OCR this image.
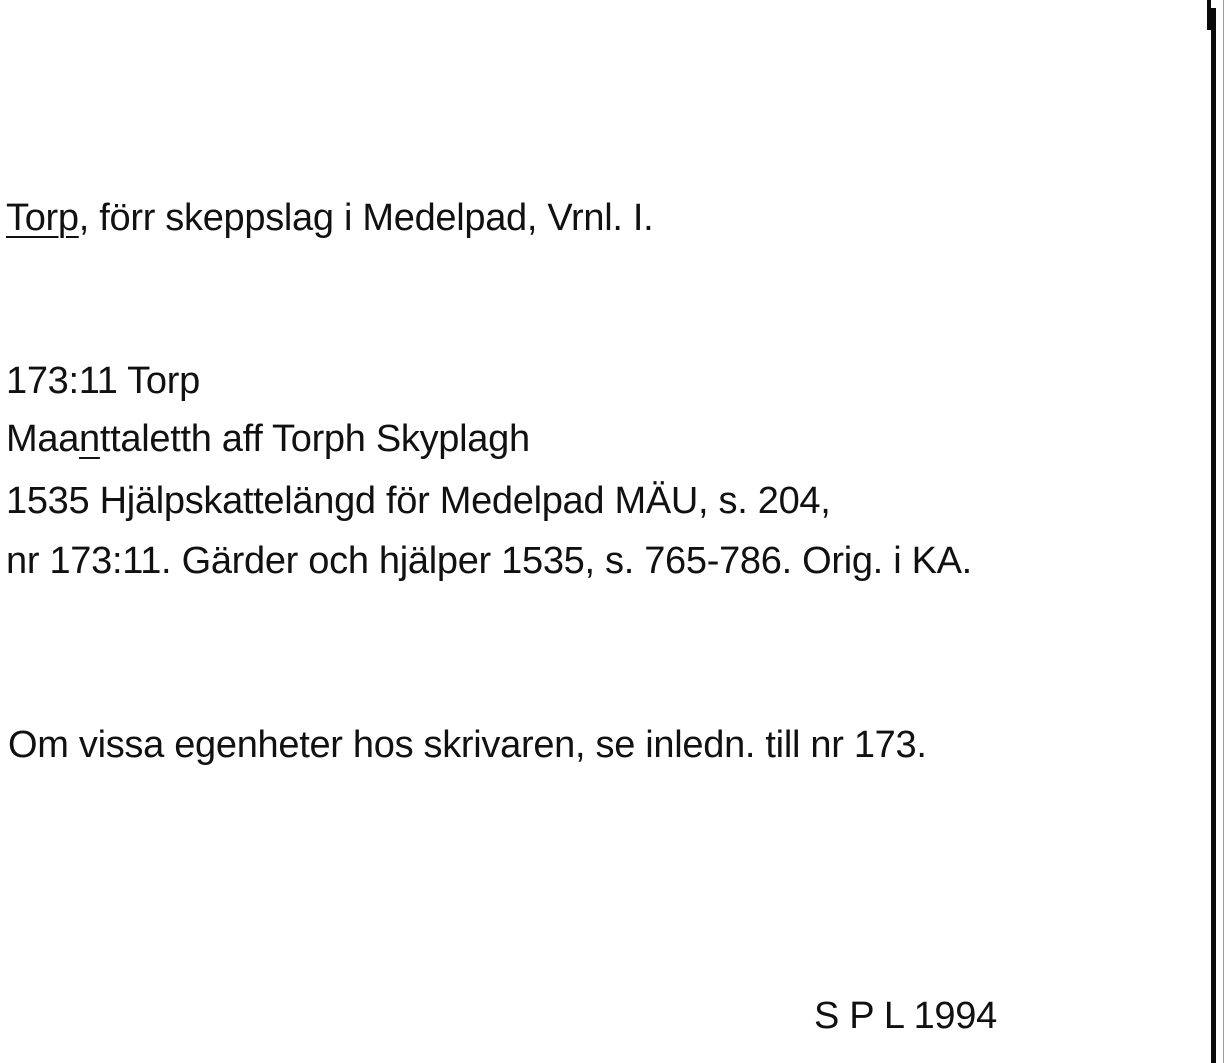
Torp, förr skeppslag i Medelpad, Vrnl. I.

173:11 Torp

Maanttaletth aff Torph Skyplagh

1535 Hjälpskattelängd för Medelpad MÄU, s. 204,

nr 173:11. Gärder och hjälper 1535, s. 765-786. Orig. i KA.

Om vissa egenheter hos skrivaren, se inledn. till nr 173.

S P L 1994
